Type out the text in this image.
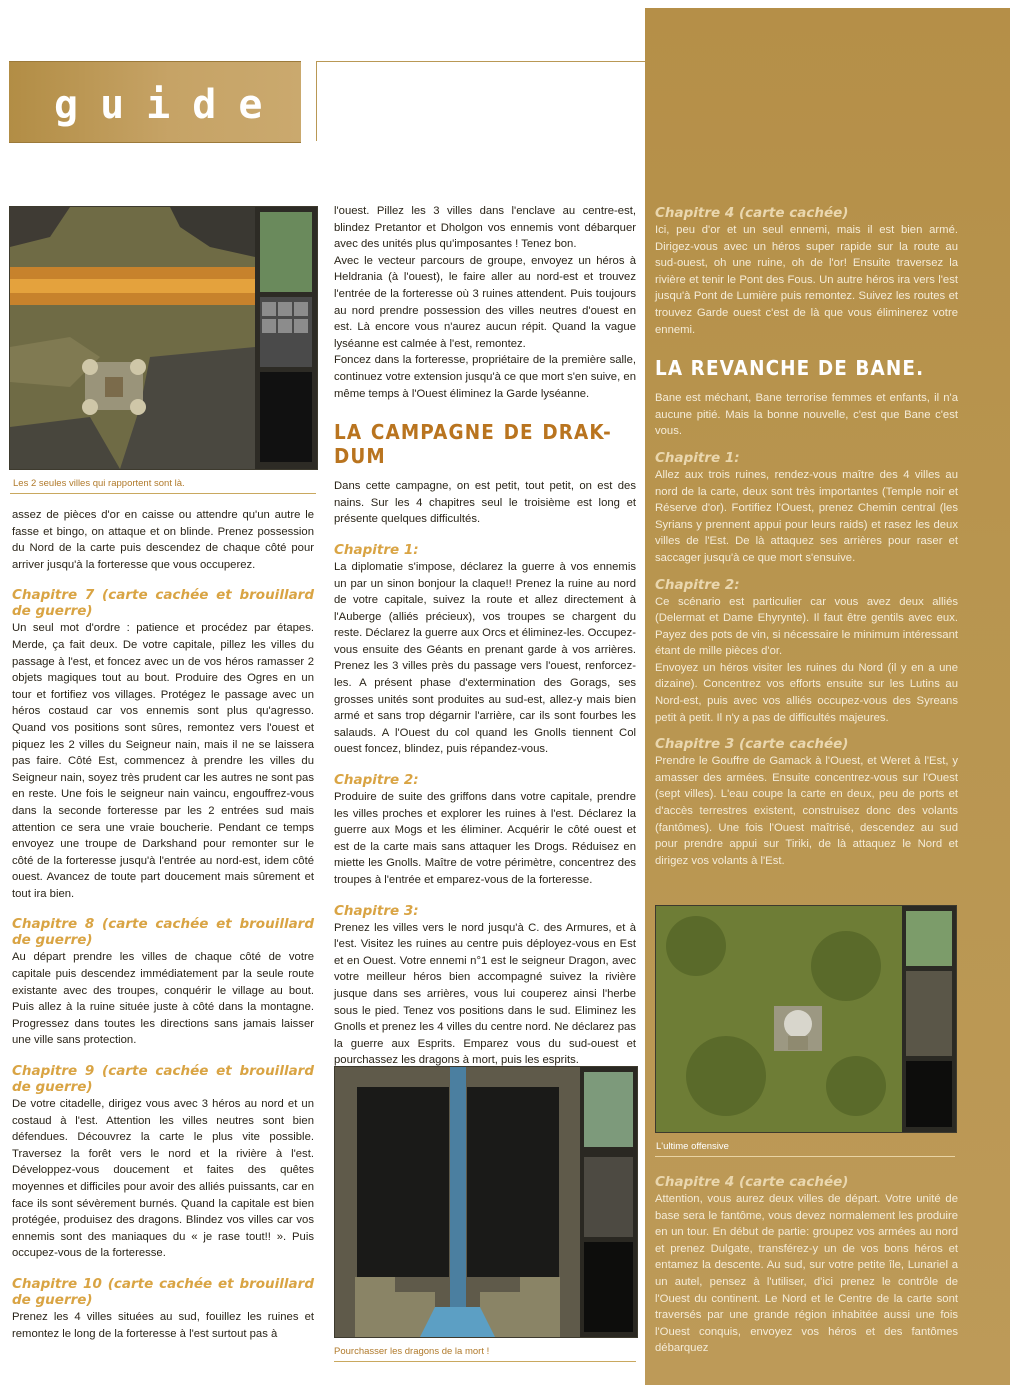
guide
Les 2 seules villes qui rapportent sont là.

assez de pièces d'or en caisse ou attendre qu'un autre le fasse et bingo, on attaque et on blinde. Prenez possession du Nord de la carte puis descendez de chaque côté pour arriver jusqu'à la forteresse que vous occuperez.

Chapitre 7 (carte cachée et brouillard de guerre)

Un seul mot d'ordre : patience et procédez par étapes. Merde, ça fait deux. De votre capitale, pillez les villes du passage à l'est, et foncez avec un de vos héros ramasser 2 objets magiques tout au bout. Produire des Ogres en un tour et fortifiez vos villages. Protégez le passage avec un héros costaud car vos ennemis sont plus qu'agresso. Quand vos positions sont sûres, remontez vers l'ouest et piquez les 2 villes du Seigneur nain, mais il ne se laissera pas faire. Côté Est, commencez à prendre les villes du Seigneur nain, soyez très prudent car les autres ne sont pas en reste. Une fois le seigneur nain vaincu, engouffrez-vous dans la seconde forteresse par les 2 entrées sud mais attention ce sera une vraie boucherie. Pendant ce temps envoyez une troupe de Darkshand pour remonter sur le côté de la forteresse jusqu'à l'entrée au nord-est, idem côté ouest. Avancez de toute part doucement mais sûrement et tout ira bien.

Chapitre 8 (carte cachée et brouillard de guerre)

Au départ prendre les villes de chaque côté de votre capitale puis descendez immédiatement par la seule route existante avec des troupes, conquérir le village au bout. Puis allez à la ruine située juste à côté dans la montagne. Progressez dans toutes les directions sans jamais laisser une ville sans protection.

Chapitre 9 (carte cachée et brouillard de guerre)

De votre citadelle, dirigez vous avec 3 héros au nord et un costaud à l'est. Attention les villes neutres sont bien défendues. Découvrez la carte le plus vite possible. Traversez la forêt vers le nord et la rivière à l'est. Développez-vous doucement et faites des quêtes moyennes et difficiles pour avoir des alliés puissants, car en face ils sont sévèrement burnés. Quand la capitale est bien protégée, produisez des dragons. Blindez vos villes car vos ennemis sont des maniaques du « je rase tout!! ». Puis occupez-vous de la forteresse.

Chapitre 10 (carte cachée et brouillard de guerre)

Prenez les 4 villes situées au sud, fouillez les ruines et remontez le long de la forteresse à l'est surtout pas à

l'ouest. Pillez les 3 villes dans l'enclave au centre-est, blindez Pretantor et Dholgon vos ennemis vont débarquer avec des unités plus qu'imposantes ! Tenez bon.

Avec le vecteur parcours de groupe, envoyez un héros à Heldrania (à l'ouest), le faire aller au nord-est et trouvez l'entrée de la forteresse où 3 ruines attendent. Puis toujours au nord prendre possession des villes neutres d'ouest en est. Là encore vous n'aurez aucun répit. Quand la vague lyséanne est calmée à l'est, remontez.

Foncez dans la forteresse, propriétaire de la première salle, continuez votre extension jusqu'à ce que mort s'en suive, en même temps à l'Ouest éliminez la Garde lyséanne.

LA CAMPAGNE DE DRAK-DUM

Dans cette campagne, on est petit, tout petit, on est des nains. Sur les 4 chapitres seul le troisième est long et présente quelques difficultés.

Chapitre 1:

La diplomatie s'impose, déclarez la guerre à vos ennemis un par un sinon bonjour la claque!! Prenez la ruine au nord de votre capitale, suivez la route et allez directement à l'Auberge (alliés précieux), vos troupes se chargent du reste. Déclarez la guerre aux Orcs et éliminez-les. Occupez-vous ensuite des Géants en prenant garde à vos arrières. Prenez les 3 villes près du passage vers l'ouest, renforcez-les. A présent phase d'extermination des Gorags, ses grosses unités sont produites au sud-est, allez-y mais bien armé et sans trop dégarnir l'arrière, car ils sont fourbes les salauds. A l'Ouest du col quand les Gnolls tiennent Col ouest foncez, blindez, puis répandez-vous.

Chapitre 2:

Produire de suite des griffons dans votre capitale, prendre les villes proches et explorer les ruines à l'est. Déclarez la guerre aux Mogs et les éliminer. Acquérir le côté ouest et est de la carte mais sans attaquer les Drogs. Réduisez en miette les Gnolls. Maître de votre périmètre, concentrez des troupes à l'entrée et emparez-vous de la forteresse.

Chapitre 3:

Prenez les villes vers le nord jusqu'à C. des Armures, et à l'est. Visitez les ruines au centre puis déployez-vous en Est et en Ouest. Votre ennemi n°1 est le seigneur Dragon, avec votre meilleur héros bien accompagné suivez la rivière jusque dans ses arrières, vous lui couperez ainsi l'herbe sous le pied. Tenez vos positions dans le sud. Eliminez les Gnolls et prenez les 4 villes du centre nord. Ne déclarez pas la guerre aux Esprits. Emparez vous du sud-ouest et pourchassez les dragons à mort, puis les esprits.

Pourchasser les dragons de la mort !
Chapitre 4 (carte cachée)

Ici, peu d'or et un seul ennemi, mais il est bien armé. Dirigez-vous avec un héros super rapide sur la route au sud-ouest, oh une ruine, oh de l'or! Ensuite traversez la rivière et tenir le Pont des Fous. Un autre héros ira vers l'est jusqu'à Pont de Lumière puis remontez. Suivez les routes et trouvez Garde ouest c'est de là que vous éliminerez votre ennemi.

LA REVANCHE DE BANE.

Bane est méchant, Bane terrorise femmes et enfants, il n'a aucune pitié. Mais la bonne nouvelle, c'est que Bane c'est vous.

Chapitre 1:

Allez aux trois ruines, rendez-vous maître des 4 villes au nord de la carte, deux sont très importantes (Temple noir et Réserve d'or). Fortifiez l'Ouest, prenez Chemin central (les Syrians y prennent appui pour leurs raids) et rasez les deux villes de l'Est. De là attaquez ses arrières pour raser et saccager jusqu'à ce que mort s'ensuive.

Chapitre 2:

Ce scénario est particulier car vous avez deux alliés (Delermat et Dame Ehyrynte). Il faut être gentils avec eux. Payez des pots de vin, si nécessaire le minimum intéressant étant de mille pièces d'or.

Envoyez un héros visiter les ruines du Nord (il y en a une dizaine). Concentrez vos efforts ensuite sur les Lutins au Nord-est, puis avec vos alliés occupez-vous des Syreans petit à petit. Il n'y a pas de difficultés majeures.

Chapitre 3 (carte cachée)

Prendre le Gouffre de Gamack à l'Ouest, et Weret à l'Est, y amasser des armées. Ensuite concentrez-vous sur l'Ouest (sept villes). L'eau coupe la carte en deux, peu de ports et d'accès terrestres existent, construisez donc des volants (fantômes). Une fois l'Ouest maîtrisé, descendez au sud pour prendre appui sur Tiriki, de là attaquez le Nord et dirigez vos volants à l'Est.

L'ultime offensive
Chapitre 4 (carte cachée)

Attention, vous aurez deux villes de départ. Votre unité de base sera le fantôme, vous devez normalement les produire en un tour. En début de partie: groupez vos armées au nord et prenez Dulgate, transférez-y un de vos bons héros et entamez la descente. Au sud, sur votre petite île, Lunariel a un autel, pensez à l'utiliser, d'ici prenez le contrôle de l'Ouest du continent. Le Nord et le Centre de la carte sont traversés par une grande région inhabitée aussi une fois l'Ouest conquis, envoyez vos héros et des fantômes débarquez
